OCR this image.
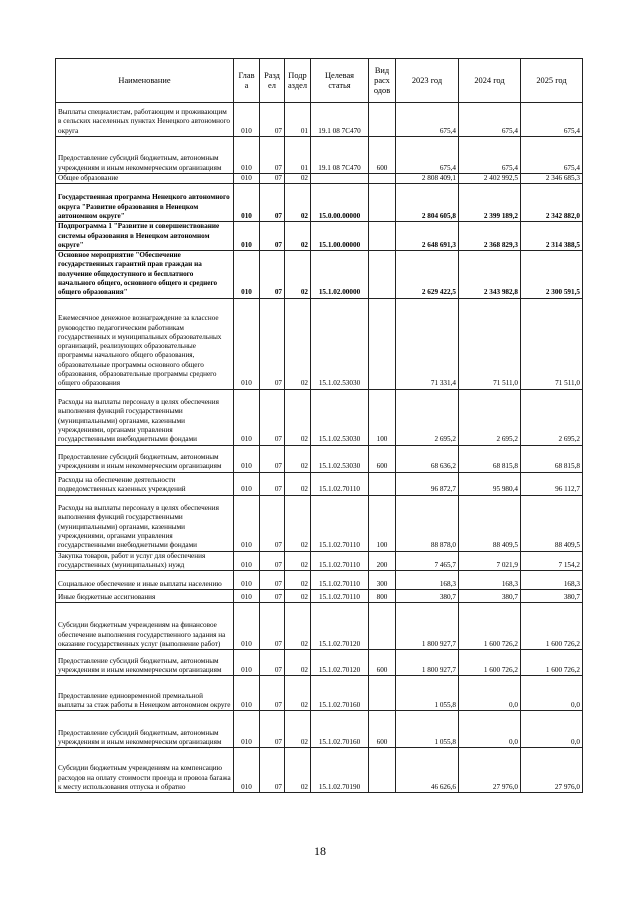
Наименование	Глав а	Разд ел	Подр аздел	Целевая статья	Вид расх одов	2023 год	2024 год	2025 год
Выплаты специалистам, работающим и проживающим в сельских населенных пунктах Ненецкого автономного округа	010	07	01	19.1 08 7С470		675,4	675,4	675,4
Предоставление субсидий бюджетным, автономным учреждениям и иным некоммерческим организациям	010	07	01	19.1 08 7С470	600	675,4	675,4	675,4
Общее образование	010	07	02			2 808 409,1	2 402 992,5	2 346 685,3
Государственная программа Ненецкого автономного округа "Развитие образования в Ненецком автономном округе"	010	07	02	15.0.00.00000		2 804 605,8	2 399 189,2	2 342 882,0
Подпрограмма 1 "Развитие и совершенствование системы образования в Ненецком автономном округе"	010	07	02	15.1.00.00000		2 648 691,3	2 368 829,3	2 314 388,5
Основное мероприятие "Обеспечение государственных гарантий прав граждан на получение общедоступного и бесплатного начального общего, основного общего и среднего общего образования"	010	07	02	15.1.02.00000		2 629 422,5	2 343 982,8	2 300 591,5
Ежемесячное денежное вознаграждение за классное руководство педагогическим работникам государственных и муниципальных образовательных организаций, реализующих образовательные программы начального общего образования, образовательные программы основного общего образования, образовательные программы среднего общего образования	010	07	02	15.1.02.53030		71 331,4	71 511,0	71 511,0
Расходы на выплаты персоналу в целях обеспечения выполнения функций государственными (муниципальными) органами, казенными учреждениями, органами управления государственными внебюджетными фондами	010	07	02	15.1.02.53030	100	2 695,2	2 695,2	2 695,2
Предоставление субсидий бюджетным, автономным учреждениям и иным некоммерческим организациям	010	07	02	15.1.02.53030	600	68 636,2	68 815,8	68 815,8
Расходы на обеспечение деятельности подведомственных казенных учреждений	010	07	02	15.1.02.70110		96 872,7	95 980,4	96 112,7
Расходы на выплаты персоналу в целях обеспечения выполнения функций государственными (муниципальными) органами, казенными учреждениями, органами управления государственными внебюджетными фондами	010	07	02	15.1.02.70110	100	88 878,0	88 409,5	88 409,5
Закупка товаров, работ и услуг для обеспечения государственных (муниципальных) нужд	010	07	02	15.1.02.70110	200	7 465,7	7 021,9	7 154,2
Социальное обеспечение и иные выплаты населению	010	07	02	15.1.02.70110	300	168,3	168,3	168,3
Иные бюджетные ассигнования	010	07	02	15.1.02.70110	800	380,7	380,7	380,7
Субсидии бюджетным учреждениям на финансовое обеспечение выполнения государственного задания на оказание государственных услуг (выполнение работ)	010	07	02	15.1.02.70120		1 800 927,7	1 600 726,2	1 600 726,2
Предоставление субсидий бюджетным, автономным учреждениям и иным некоммерческим организациям	010	07	02	15.1.02.70120	600	1 800 927,7	1 600 726,2	1 600 726,2
Предоставление единовременной премиальной выплаты за стаж работы в Ненецком автономном округе	010	07	02	15.1.02.70160		1 055,8	0,0	0,0
Предоставление субсидий бюджетным, автономным учреждениям и иным некоммерческим организациям	010	07	02	15.1.02.70160	600	1 055,8	0,0	0,0
Субсидии бюджетным учреждениям на компенсацию расходов на оплату стоимости проезда и провоза багажа к месту использования отпуска и обратно	010	07	02	15.1.02.70190		46 626,6	27 976,0	27 976,0
18
